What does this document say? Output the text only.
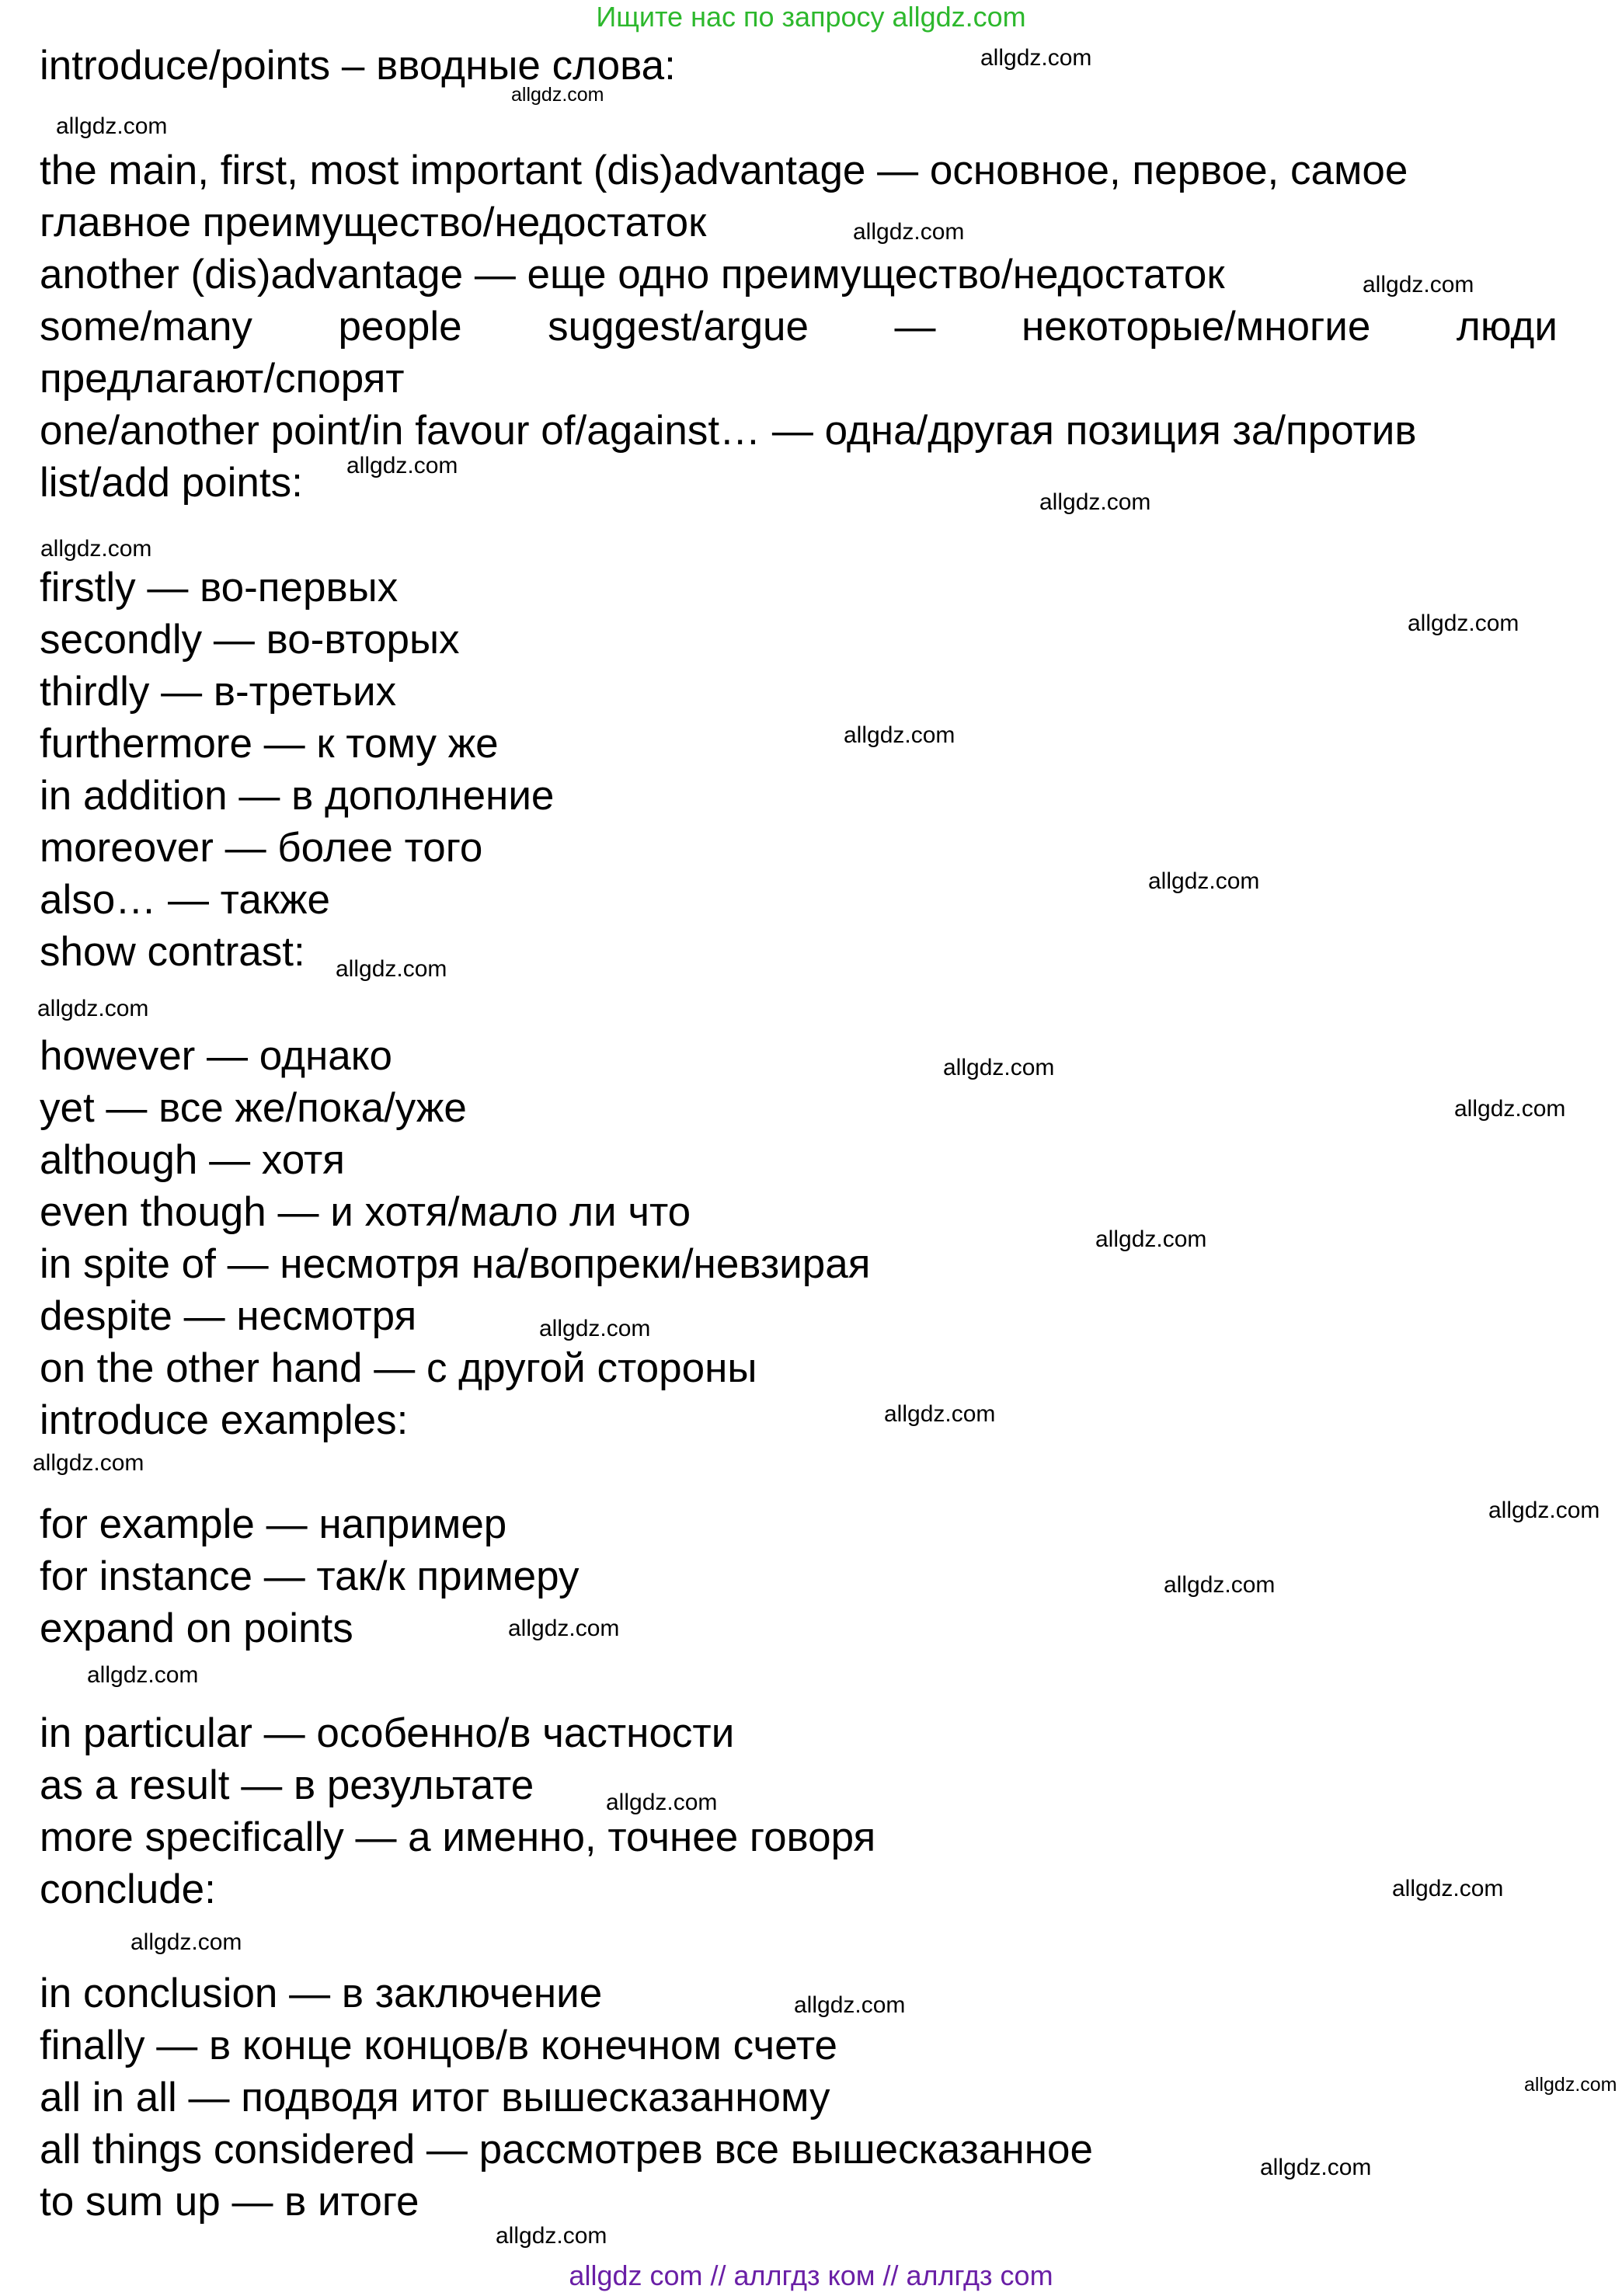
Ищите нас по запросу allgdz.com

introduce/points – вводные слова:

the main, first, most important (dis)advantage — основное, первое, самое

главное преимущество/недостаток

another (dis)advantage — еще одно преимущество/недостаток

some/many people suggest/argue — некоторые/многие люди

предлагают/спорят

one/another point/in favour of/against… — одна/другая позиция за/против

list/add points:

firstly — во-первых

secondly — во-вторых

thirdly — в-третьих

furthermore — к тому же

in addition — в дополнение

moreover — более того

also… — также

show contrast:

however — однако

yet — все же/пока/уже

although — хотя

even though — и хотя/мало ли что

in spite of — несмотря на/вопреки/невзирая

despite — несмотря

on the other hand — с другой стороны

introduce examples:

for example — например

for instance — так/к примеру

expand on points

in particular — особенно/в частности

as a result — в результате

more specifically — а именно, точнее говоря

conclude:

in conclusion — в заключение

finally — в конце концов/в конечном счете

all in all — подводя итог вышесказанному

all things considered — рассмотрев все вышесказанное

to sum up — в итоге

allgdz.com
allgdz.com
allgdz.com
allgdz.com
allgdz.com
allgdz.com
allgdz.com
allgdz.com
allgdz.com
allgdz.com
allgdz.com
allgdz.com
allgdz.com
allgdz.com
allgdz.com
allgdz.com
allgdz.com
allgdz.com
allgdz.com
allgdz.com
allgdz.com
allgdz.com
allgdz.com
allgdz.com
allgdz.com
allgdz.com
allgdz.com
allgdz.com
allgdz.com
allgdz.com
allgdz com // аллгдз ком // аллгдз com
